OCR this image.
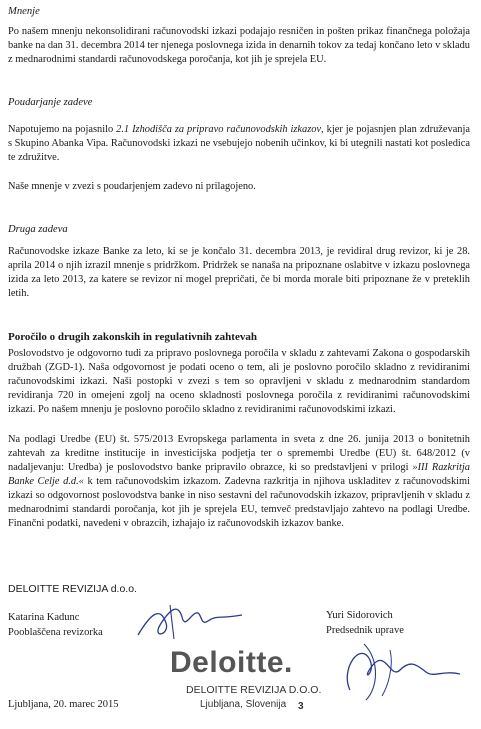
Mnenje
Po našem mnenju nekonsolidirani računovodski izkazi podajajo resničen in pošten prikaz finančnega položaja banke na dan 31. decembra 2014 ter njenega poslovnega izida in denarnih tokov za tedaj končano leto v skladu z mednarodnimi standardi računovodskega poročanja, kot jih je sprejela EU.
Poudarjanje zadeve
Napotujemo na pojasnilo 2.1 Izhodišča za pripravo računovodskih izkazov, kjer je pojasnjen plan združevanja s Skupino Abanka Vipa. Računovodski izkazi ne vsebujejo nobenih učinkov, ki bi utegnili nastati kot posledica te združitve.
Naše mnenje v zvezi s poudarjenjem zadevo ni prilagojeno.
Druga zadeva
Računovodske izkaze Banke za leto, ki se je končalo 31. decembra 2013, je revidiral drug revizor, ki je 28. aprila 2014 o njih izrazil mnenje s pridržkom. Pridržek se nanaša na pripoznane oslabitve v izkazu poslovnega izida za leto 2013, za katere se revizor ni mogel prepričati, če bi morda morale biti pripoznane že v preteklih letih.
Poročilo o drugih zakonskih in regulativnih zahtevah
Poslovodstvo je odgovorno tudi za pripravo poslovnega poročila v skladu z zahtevami Zakona o gospodarskih družbah (ZGD-1). Naša odgovornost je podati oceno o tem, ali je poslovno poročilo skladno z revidiranimi računovodskimi izkazi. Naši postopki v zvezi s tem so opravljeni v skladu z mednarodnim standardom revidiranja 720 in omejeni zgolj na oceno skladnosti poslovnega poročila z revidiranimi računovodskimi izkazi. Po našem mnenju je poslovno poročilo skladno z revidiranimi računovodskimi izkazi.
Na podlagi Uredbe (EU) št. 575/2013 Evropskega parlamenta in sveta z dne 26. junija 2013 o bonitetnih zahtevah za kreditne institucije in investicijska podjetja ter o spremembi Uredbe (EU) št. 648/2012 (v nadaljevanju: Uredba) je poslovodstvo banke pripravilo obrazce, ki so predstavljeni v prilogi »III Razkritja Banke Celje d.d.« k tem računovodskim izkazom. Zadevna razkritja in njihova uskladitev z računovodskimi izkazi so odgovornost poslovodstva banke in niso sestavni del računovodskih izkazov, pripravljenih v skladu z mednarodnimi standardi poročanja, kot jih je sprejela EU, temveč predstavljajo zahtevo na podlagi Uredbe. Finančni podatki, navedeni v obrazcih, izhajajo iz računovodskih izkazov banke.
DELOITTE REVIZIJA d.o.o.
Katarina Kadunc
Pooblaščena revizorka
Yuri Sidorovich
Predsednik uprave
Deloitte.
DELOITTE REVIZIJA D.O.O.
Ljubljana, Slovenija 3
Ljubljana, 20. marec 2015
